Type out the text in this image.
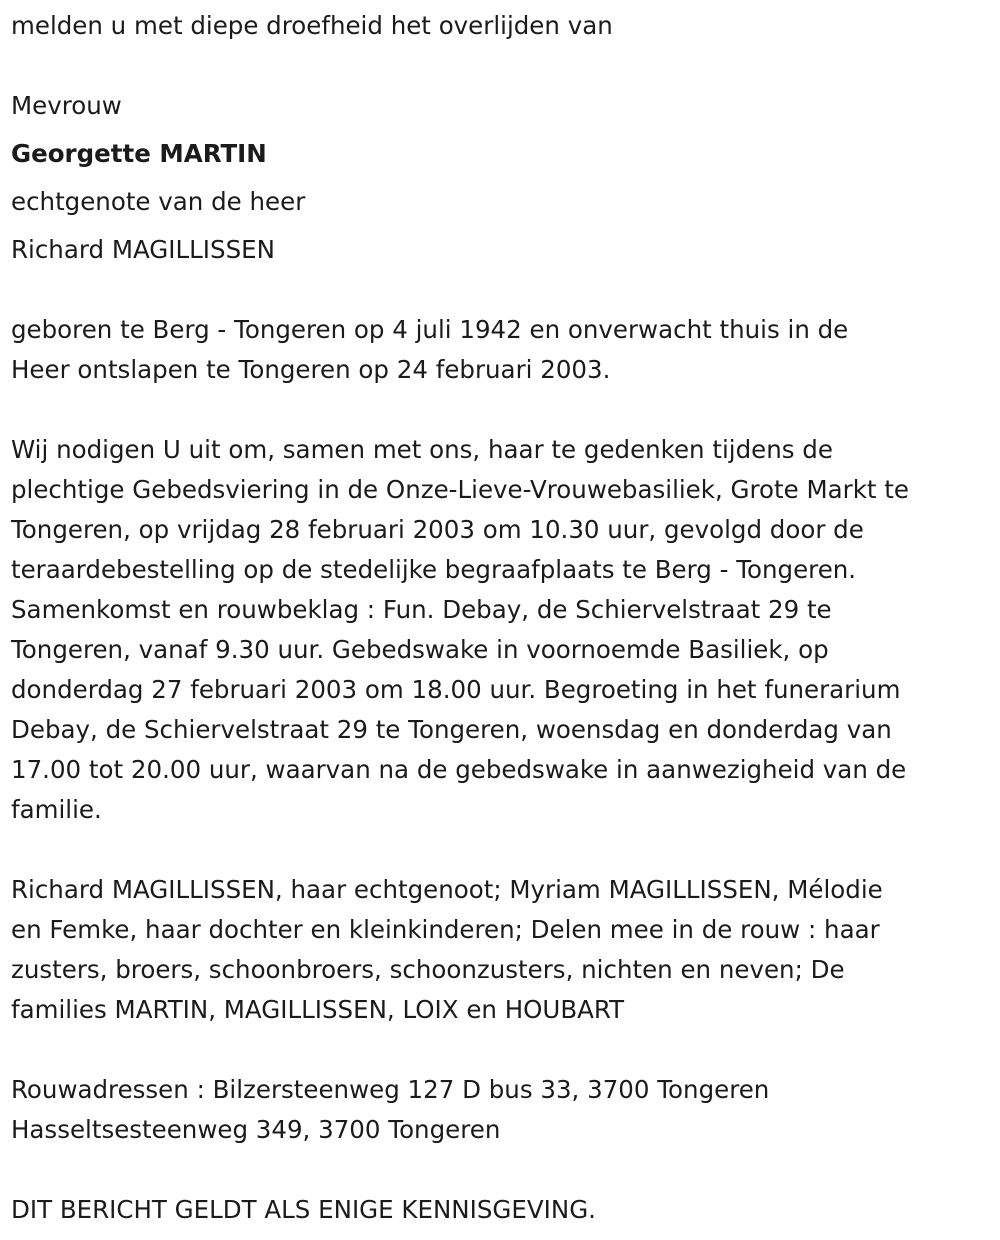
melden u met diepe droefheid het overlijden van
Mevrouw
Georgette MARTIN
echtgenote van de heer
Richard MAGILLISSEN
geboren te Berg - Tongeren op 4 juli 1942 en onverwacht thuis in de
Heer ontslapen te Tongeren op 24 februari 2003.
Wij nodigen U uit om, samen met ons, haar te gedenken tijdens de
plechtige Gebedsviering in de Onze-Lieve-Vrouwebasiliek, Grote Markt te
Tongeren, op vrijdag 28 februari 2003 om 10.30 uur, gevolgd door de
teraardebestelling op de stedelijke begraafplaats te Berg - Tongeren.
Samenkomst en rouwbeklag : Fun. Debay, de Schiervelstraat 29 te
Tongeren, vanaf 9.30 uur. Gebedswake in voornoemde Basiliek, op
donderdag 27 februari 2003 om 18.00 uur. Begroeting in het funerarium
Debay, de Schiervelstraat 29 te Tongeren, woensdag en donderdag van
17.00 tot 20.00 uur, waarvan na de gebedswake in aanwezigheid van de
familie.
Richard MAGILLISSEN, haar echtgenoot; Myriam MAGILLISSEN, Mélodie
en Femke, haar dochter en kleinkinderen; Delen mee in de rouw : haar
zusters, broers, schoonbroers, schoonzusters, nichten en neven; De
families MARTIN, MAGILLISSEN, LOIX en HOUBART
Rouwadressen : Bilzersteenweg 127 D bus 33, 3700 Tongeren
Hasseltsesteenweg 349, 3700 Tongeren
DIT BERICHT GELDT ALS ENIGE KENNISGEVING.
